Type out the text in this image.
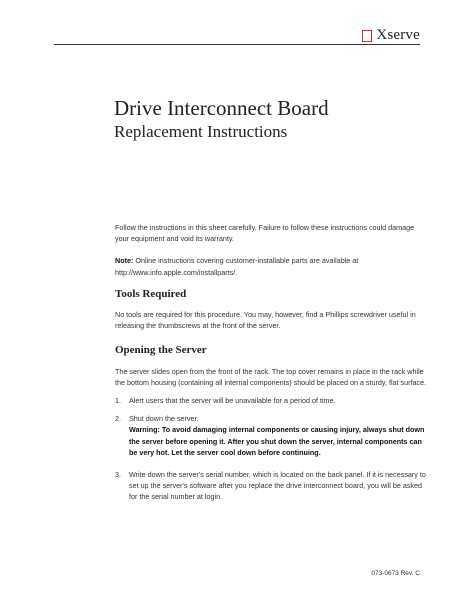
Xserve
Drive Interconnect Board
Replacement Instructions

Follow the instructions in this sheet carefully. Failure to follow these instructions could damage your equipment and void its warranty.

Note: Online instructions covering customer-installable parts are available at http://www.info.apple.com/installparts/.

Tools Required

No tools are required for this procedure. You may, however, find a Phillips screwdriver useful in releasing the thumbscrews at the front of the server.

Opening the Server

The server slides open from the front of the rack. The top cover remains in place in the rack while the bottom housing (containing all internal components) should be placed on a sturdy, flat surface.

1. Alert users that the server will be unavailable for a period of time.
2. Shut down the server.

Warning: To avoid damaging internal components or causing injury, always shut down the server before opening it. After you shut down the server, internal components can be very hot. Let the server cool down before continuing.

3. Write down the server's serial number, which is located on the back panel. If it is necessary to set up the server's software after you replace the drive interconnect board, you will be asked for the serial number at login.
073-0673 Rev. C
